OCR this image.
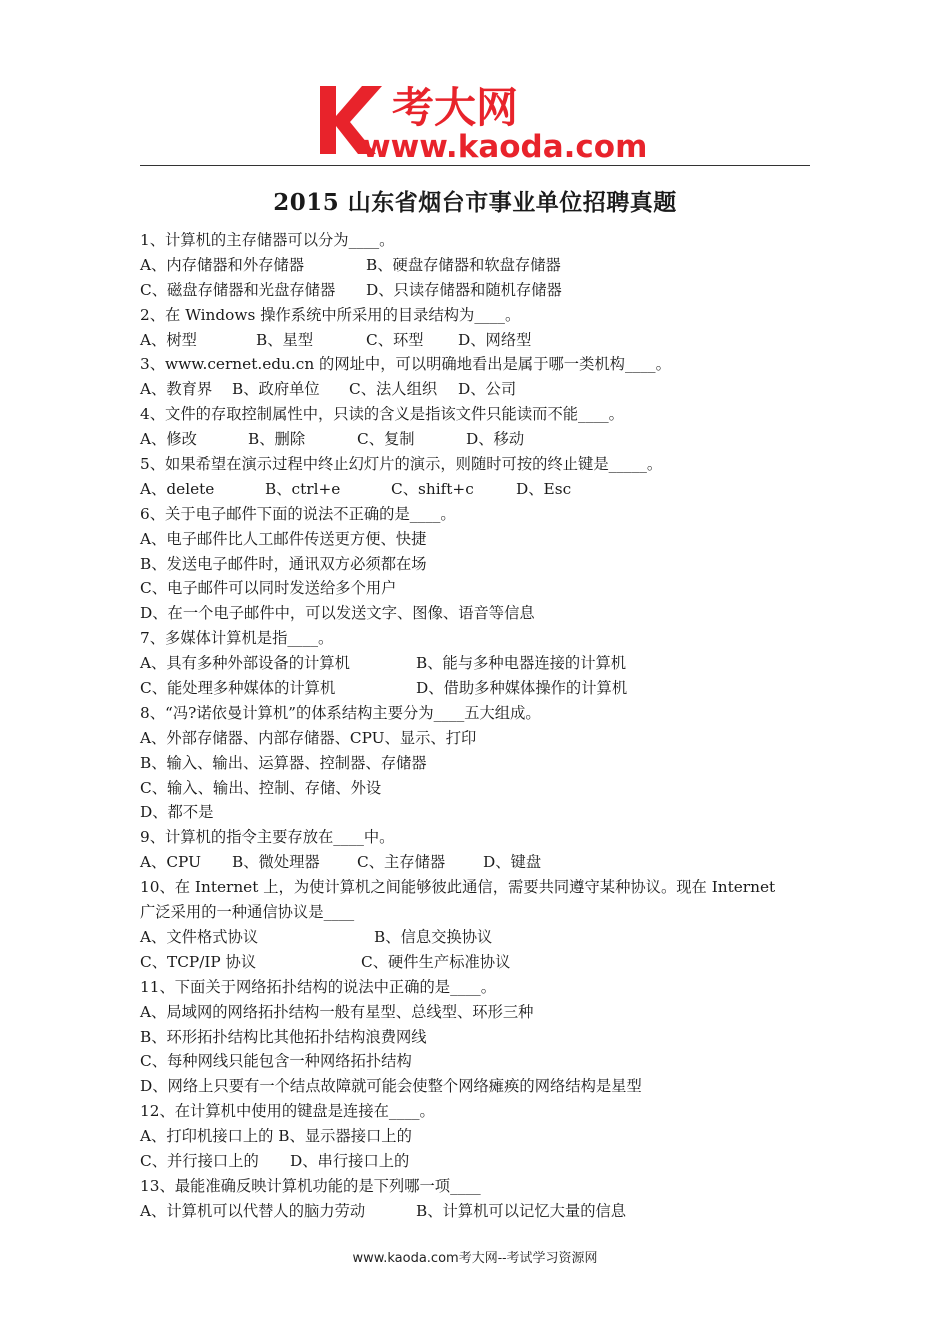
考大网
www.kaoda.com
2015 山东省烟台市事业单位招聘真题
1、计算机的主存储器可以分为____。
A、内存储器和外存储器	B、硬盘存储器和软盘存储器
C、磁盘存储器和光盘存储器 D、只读存储器和随机存储器
2、在 Windows 操作系统中所采用的目录结构为____。
A、树型	B、星型	C、环型 D、网络型
3、www.cernet.edu.cn 的网址中，可以明确地看出是属于哪一类机构____。
A、教育界 B、政府单位 C、法人组织 D、公司
4、文件的存取控制属性中，只读的含义是指该文件只能读而不能____。
A、修改	B、删除	C、复制	D、移动
5、如果希望在演示过程中终止幻灯片的演示，则随时可按的终止键是_____。
A、delete	B、ctrl+e	C、shift+c	D、Esc
6、关于电子邮件下面的说法不正确的是____。
A、电子邮件比人工邮件传送更方便、快捷
B、发送电子邮件时，通讯双方必须都在场
C、电子邮件可以同时发送给多个用户
D、在一个电子邮件中，可以发送文字、图像、语音等信息
7、多媒体计算机是指____。
A、具有多种外部设备的计算机	B、能与多种电器连接的计算机
C、能处理多种媒体的计算机	D、借助多种媒体操作的计算机
8、“冯?诺依曼计算机”的体系结构主要分为____五大组成。
A、外部存储器、内部存储器、CPU、显示、打印
B、输入、输出、运算器、控制器、存储器
C、输入、输出、控制、存储、外设
D、都不是
9、计算机的指令主要存放在____中。
A、CPU B、微处理器 C、主存储器 D、键盘
10、在 Internet 上，为使计算机之间能够彼此通信，需要共同遵守某种协议。现在 Internet
广泛采用的一种通信协议是____
A、文件格式协议	B、信息交换协议
C、TCP/IP 协议	C、硬件生产标准协议
11、下面关于网络拓扑结构的说法中正确的是____。
A、局域网的网络拓扑结构一般有星型、总线型、环形三种
B、环形拓扑结构比其他拓扑结构浪费网线
C、每种网线只能包含一种网络拓扑结构
D、网络上只要有一个结点故障就可能会使整个网络瘫痪的网络结构是星型
12、在计算机中使用的键盘是连接在____。
A、打印机接口上的 B、显示器接口上的
C、并行接口上的 D、串行接口上的
13、最能准确反映计算机功能的是下列哪一项____
A、计算机可以代替人的脑力劳动	B、计算机可以记忆大量的信息
www.kaoda.com考大网--考试学习资源网
